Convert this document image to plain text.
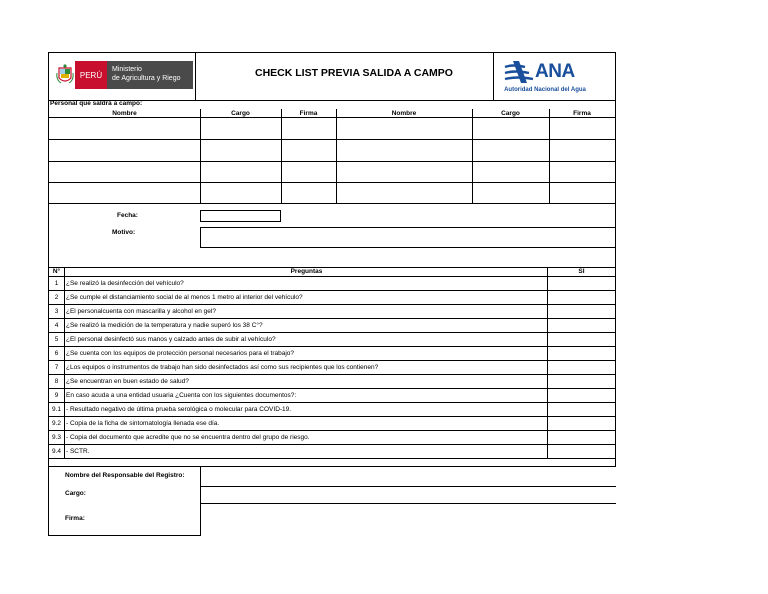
PERÚ
Ministerio
de Agricultura y Riego	CHECK LIST PREVIA SALIDA A CAMPO	ANA
Autoridad Nacional del Agua
Personal que saldrá a campo:
Nombre	Cargo	Firma	Nombre	Cargo	Firma
Fecha:
Motivo:
N°	Preguntas	SI
1	¿Se realizó la desinfección del vehículo?
2	¿Se cumple el distanciamiento social de al menos 1 metro al interior del vehículo?
3	¿El personalcuenta con mascarilla y alcohol en gel?
4	¿Se realizó la medición de la temperatura y nadie superó los 38 C°?
5	¿El personal desinfectó sus manos y calzado antes de subir al vehículo?
6	¿Se cuenta con los equipos de protección personal necesarios para el trabajo?
7	¿Los equipos o instrumentos de trabajo han sido desinfectados así como sus recipientes que los contienen?
8	¿Se encuentran en buen estado de salud?
9	En caso acuda a una entidad usuaria ¿Cuenta con los siguientes documentos?:
9.1 - Resultado negativo de última prueba serológica o molecular para COVID-19.
9.2 - Copia de la ficha de sintomatología llenada ese día.
9.3 - Copia del documento que acredite que no se encuentra dentro del grupo de riesgo.
9.4 - SCTR.
Nombre del Responsable del Registro:
Cargo:
Firma:
